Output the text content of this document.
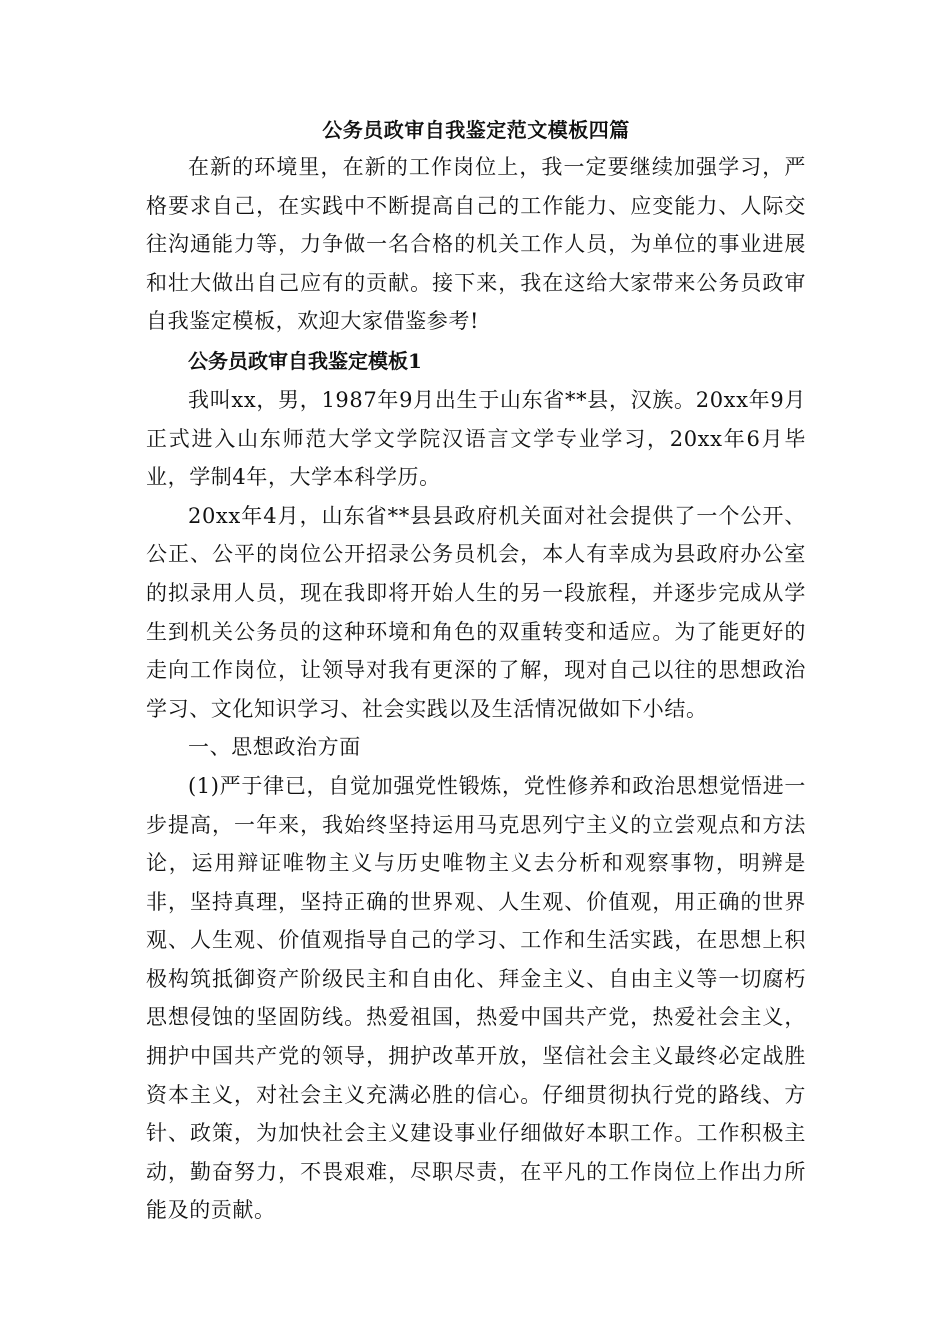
公务员政审自我鉴定范文模板四篇

在新的环境里，在新的工作岗位上，我一定要继续加强学习，严格要求自己，在实践中不断提高自己的工作能力、应变能力、人际交往沟通能力等，力争做一名合格的机关工作人员，为单位的事业进展和壮大做出自己应有的贡献。接下来，我在这给大家带来公务员政审自我鉴定模板，欢迎大家借鉴参考!

公务员政审自我鉴定模板1

我叫xx，男，1987年9月出生于山东省**县，汉族。20xx年9月正式进入山东师范大学文学院汉语言文学专业学习，20xx年6月毕业，学制4年，大学本科学历。

20xx年4月，山东省**县县政府机关面对社会提供了一个公开、公正、公平的岗位公开招录公务员机会，本人有幸成为县政府办公室的拟录用人员，现在我即将开始人生的另一段旅程，并逐步完成从学生到机关公务员的这种环境和角色的双重转变和适应。为了能更好的走向工作岗位，让领导对我有更深的了解，现对自己以往的思想政治学习、文化知识学习、社会实践以及生活情况做如下小结。

一、思想政治方面

(1)严于律已，自觉加强党性锻炼，党性修养和政治思想觉悟进一步提高，一年来，我始终坚持运用马克思列宁主义的立尝观点和方法论，运用辩证唯物主义与历史唯物主义去分析和观察事物，明辨是非，坚持真理，坚持正确的世界观、人生观、价值观，用正确的世界观、人生观、价值观指导自己的学习、工作和生活实践，在思想上积极构筑抵御资产阶级民主和自由化、拜金主义、自由主义等一切腐朽思想侵蚀的坚固防线。热爱祖国，热爱中国共产党，热爱社会主义，拥护中国共产党的领导，拥护改革开放，坚信社会主义最终必定战胜资本主义，对社会主义充满必胜的信心。仔细贯彻执行党的路线、方针、政策，为加快社会主义建设事业仔细做好本职工作。工作积极主动，勤奋努力，不畏艰难，尽职尽责，在平凡的工作岗位上作出力所能及的贡献。
